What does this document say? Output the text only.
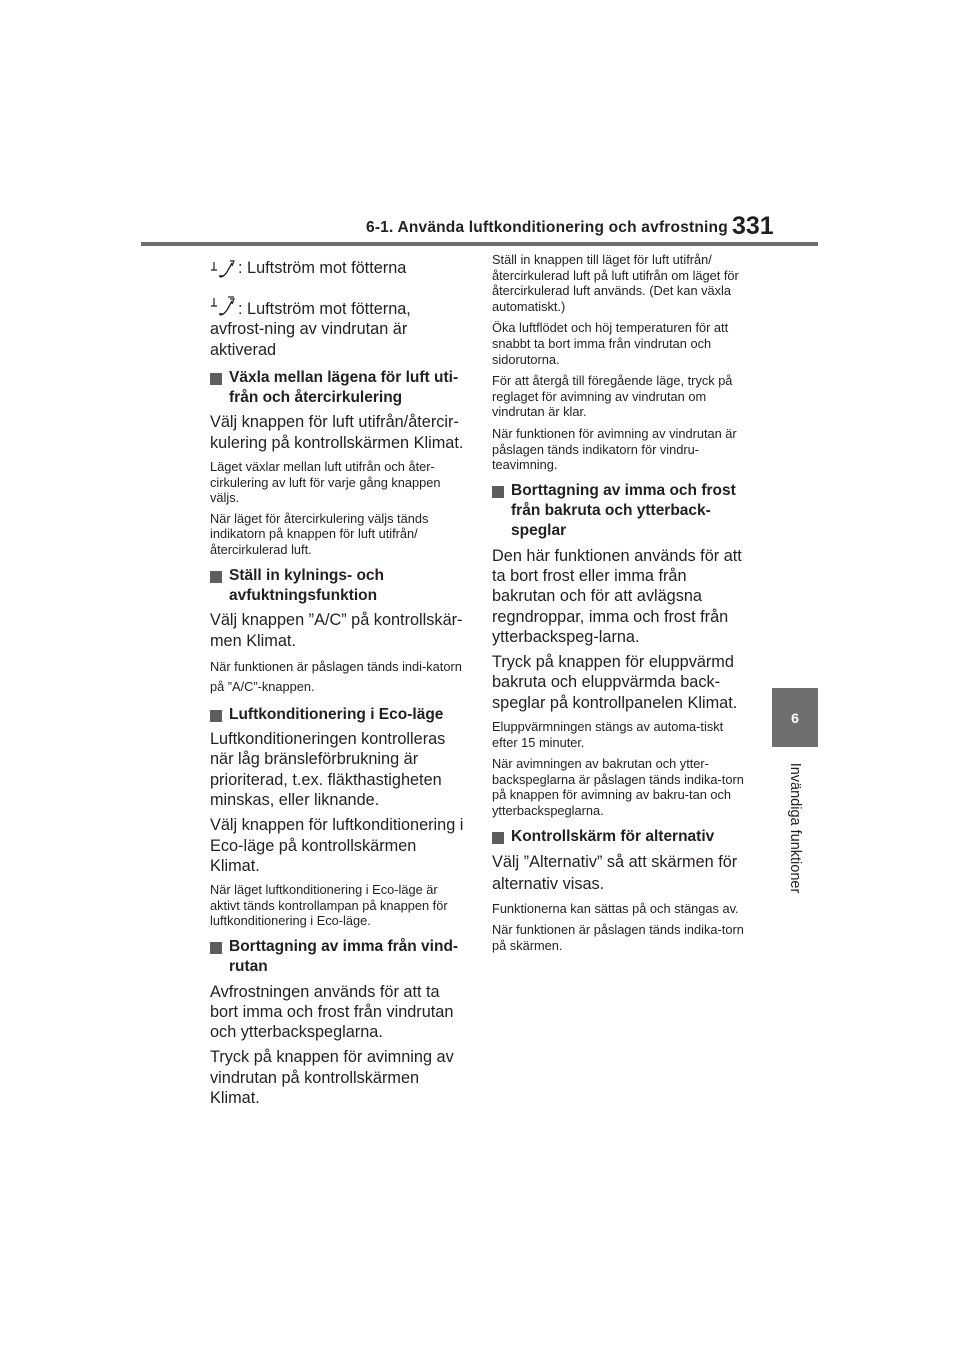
6-1. Använda luftkonditionering och avfrostning 331
6
Invändiga funktioner

: Luftström mot fötterna

: Luftström mot fötterna, avfrost-ning av vindrutan är aktiverad

Växla mellan lägena för luft uti-från och återcirkulering

Välj knappen för luft utifrån/återcir-kulering på kontrollskärmen Klimat.

Läget växlar mellan luft utifrån och åter-cirkulering av luft för varje gång knappen väljs.

När läget för återcirkulering väljs tänds indikatorn på knappen för luft utifrån/ återcirkulerad luft.

Ställ in kylnings- och avfuktningsfunktion

Välj knappen ”A/C” på kontrollskär-men Klimat.

När funktionen är påslagen tänds indi-katorn på ”A/C”-knappen.

Luftkonditionering i Eco-läge

Luftkonditioneringen kontrolleras när låg bränsleförbrukning är prioriterad, t.ex. fläkthastigheten minskas, eller liknande.

Välj knappen för luftkonditionering i Eco-läge på kontrollskärmen Klimat.

När läget luftkonditionering i Eco-läge är aktivt tänds kontrollampan på knappen för luftkonditionering i Eco-läge.

Borttagning av imma från vind-rutan

Avfrostningen används för att ta bort imma och frost från vindrutan och ytterbackspeglarna.

Tryck på knappen för avimning av vindrutan på kontrollskärmen Klimat.

Ställ in knappen till läget för luft utifrån/ återcirkulerad luft på luft utifrån om läget för återcirkulerad luft används. (Det kan växla automatiskt.)

Öka luftflödet och höj temperaturen för att snabbt ta bort imma från vindrutan och sidorutorna.

För att återgå till föregående läge, tryck på reglaget för avimning av vindrutan om vindrutan är klar.

När funktionen för avimning av vindrutan är påslagen tänds indikatorn för vindru-teavimning.

Borttagning av imma och frost från bakruta och ytterback-speglar

Den här funktionen används för att ta bort frost eller imma från bakrutan och för att avlägsna regndroppar, imma och frost från ytterbackspeg-larna.

Tryck på knappen för eluppvärmd bakruta och eluppvärmda back-speglar på kontrollpanelen Klimat.

Eluppvärmningen stängs av automa-tiskt efter 15 minuter.

När avimningen av bakrutan och ytter-backspeglarna är påslagen tänds indika-torn på knappen för avimning av bakru-tan och ytterbackspeglarna.

Kontrollskärm för alternativ

Välj ”Alternativ” så att skärmen för alternativ visas.

Funktionerna kan sättas på och stängas av.

När funktionen är påslagen tänds indika-torn på skärmen.
